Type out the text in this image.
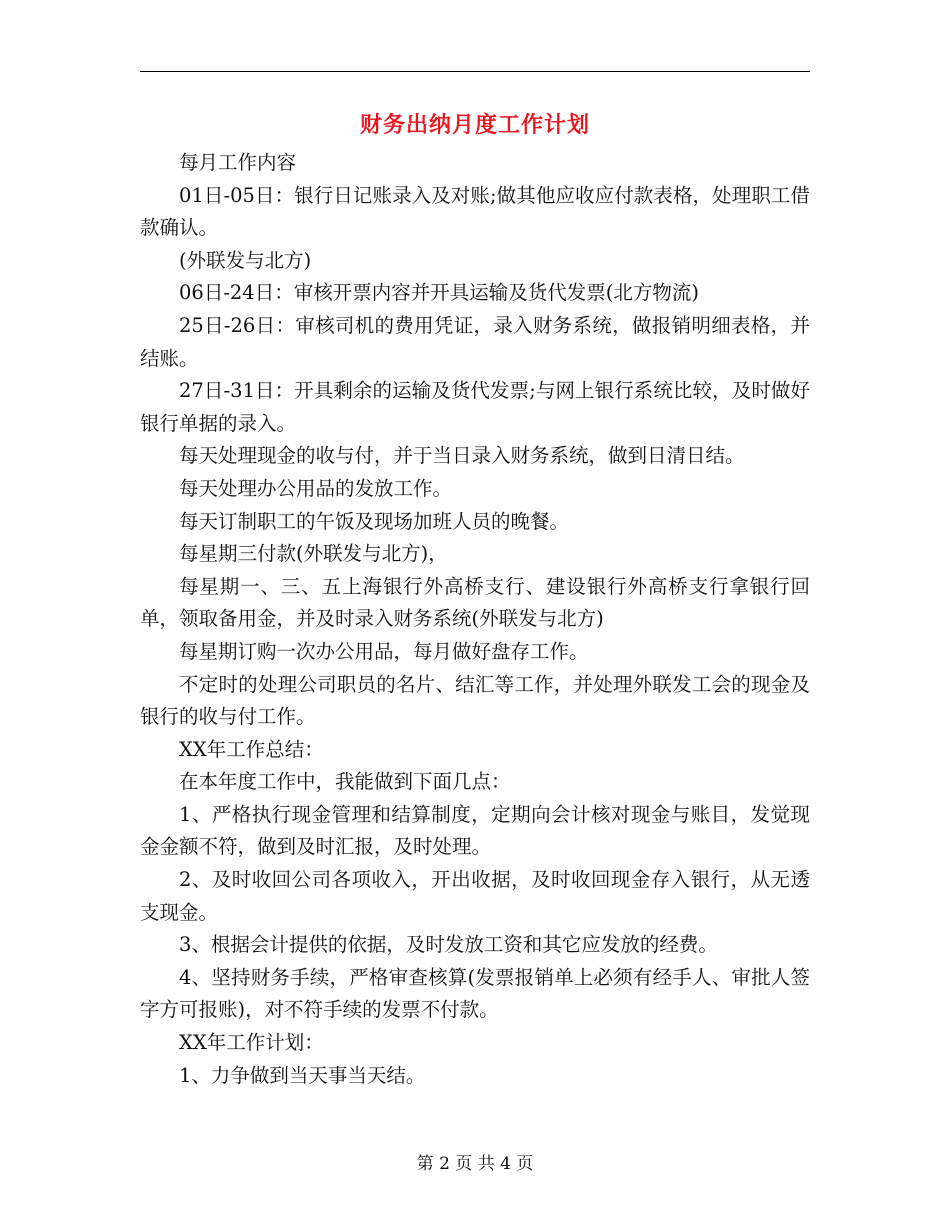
财务出纳月度工作计划

每月工作内容

01日-05日：银行日记账录入及对账;做其他应收应付款表格，处理职工借款确认。

(外联发与北方)

06日-24日：审核开票内容并开具运输及货代发票(北方物流)

25日-26日：审核司机的费用凭证，录入财务系统，做报销明细表格，并结账。

27日-31日：开具剩余的运输及货代发票;与网上银行系统比较，及时做好银行单据的录入。

每天处理现金的收与付，并于当日录入财务系统，做到日清日结。

每天处理办公用品的发放工作。

每天订制职工的午饭及现场加班人员的晚餐。

每星期三付款(外联发与北方)，

每星期一、三、五上海银行外高桥支行、建设银行外高桥支行拿银行回单，领取备用金，并及时录入财务系统(外联发与北方)

每星期订购一次办公用品，每月做好盘存工作。

不定时的处理公司职员的名片、结汇等工作，并处理外联发工会的现金及银行的收与付工作。

XX年工作总结：

在本年度工作中，我能做到下面几点：

1、严格执行现金管理和结算制度，定期向会计核对现金与账目，发觉现金金额不符，做到及时汇报，及时处理。

2、及时收回公司各项收入，开出收据，及时收回现金存入银行，从无透支现金。

3、根据会计提供的依据，及时发放工资和其它应发放的经费。

4、坚持财务手续，严格审查核算(发票报销单上必须有经手人、审批人签字方可报账)，对不符手续的发票不付款。

XX年工作计划：

1、力争做到当天事当天结。

第 2 页 共 4 页
